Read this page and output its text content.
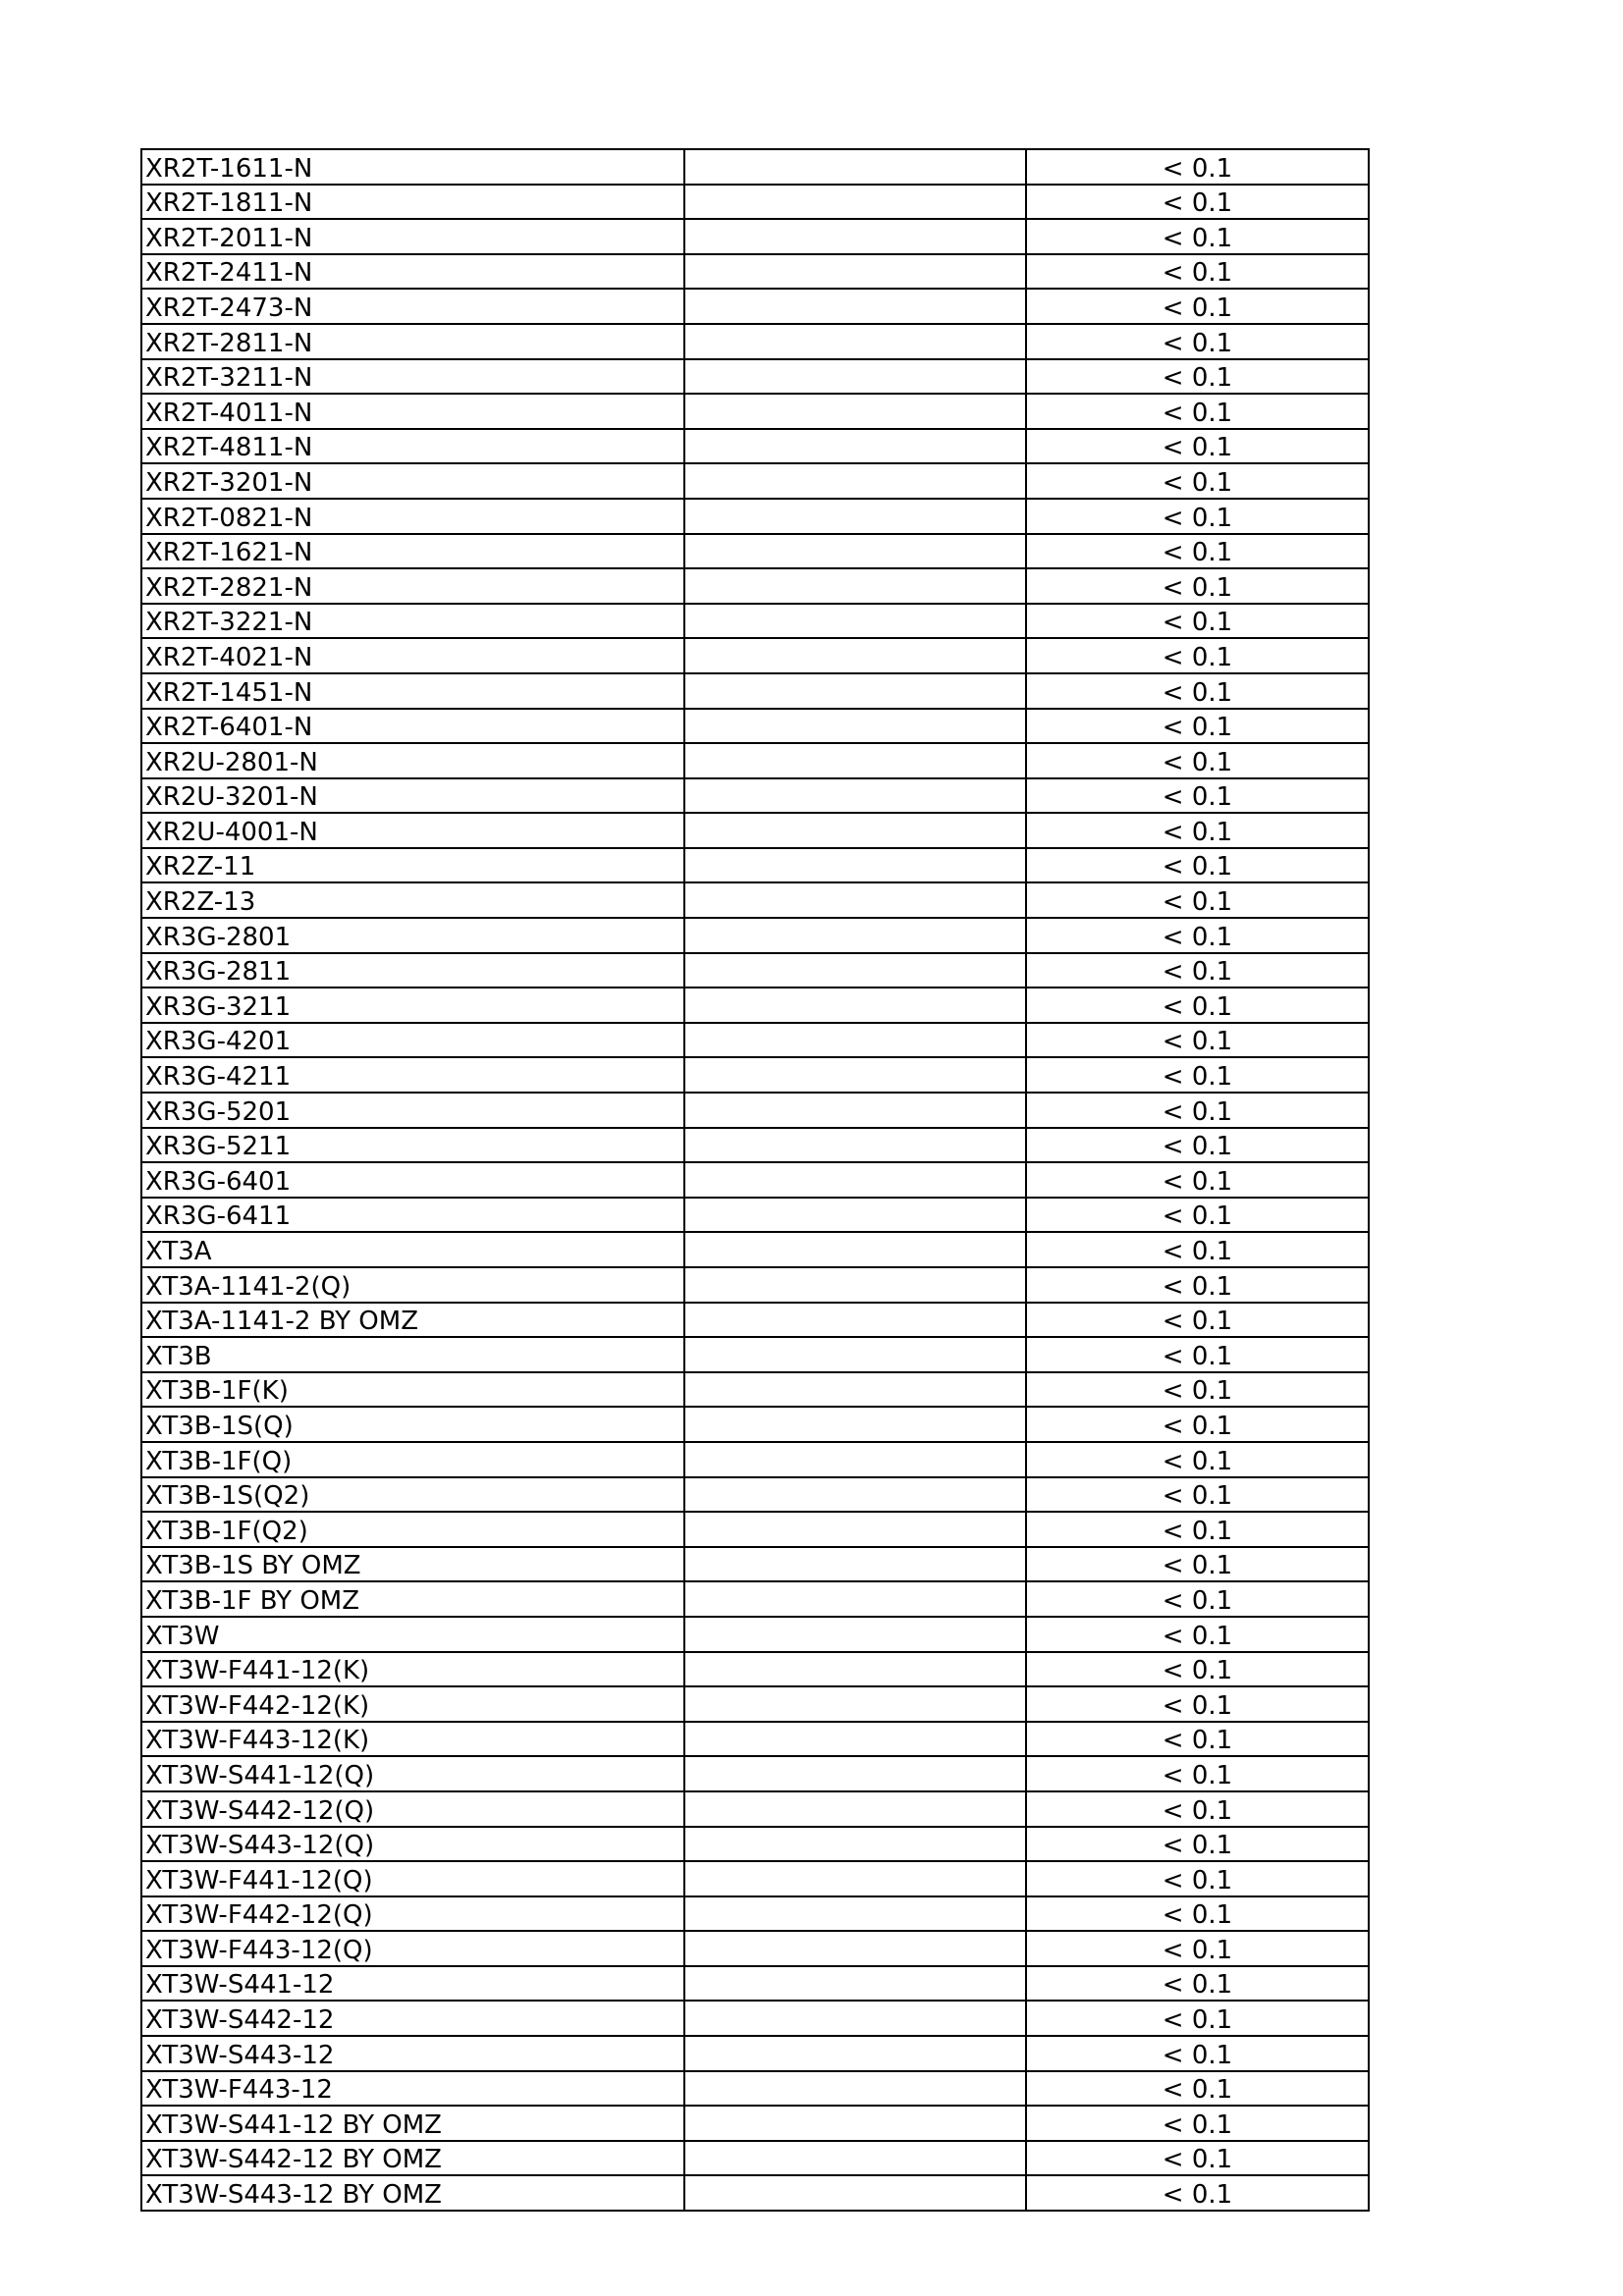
XR2T-1611-N		< 0.1
XR2T-1811-N		< 0.1
XR2T-2011-N		< 0.1
XR2T-2411-N		< 0.1
XR2T-2473-N		< 0.1
XR2T-2811-N		< 0.1
XR2T-3211-N		< 0.1
XR2T-4011-N		< 0.1
XR2T-4811-N		< 0.1
XR2T-3201-N		< 0.1
XR2T-0821-N		< 0.1
XR2T-1621-N		< 0.1
XR2T-2821-N		< 0.1
XR2T-3221-N		< 0.1
XR2T-4021-N		< 0.1
XR2T-1451-N		< 0.1
XR2T-6401-N		< 0.1
XR2U-2801-N		< 0.1
XR2U-3201-N		< 0.1
XR2U-4001-N		< 0.1
XR2Z-11		< 0.1
XR2Z-13		< 0.1
XR3G-2801		< 0.1
XR3G-2811		< 0.1
XR3G-3211		< 0.1
XR3G-4201		< 0.1
XR3G-4211		< 0.1
XR3G-5201		< 0.1
XR3G-5211		< 0.1
XR3G-6401		< 0.1
XR3G-6411		< 0.1
XT3A		< 0.1
XT3A-1141-2(Q)		< 0.1
XT3A-1141-2 BY OMZ		< 0.1
XT3B		< 0.1
XT3B-1F(K)		< 0.1
XT3B-1S(Q)		< 0.1
XT3B-1F(Q)		< 0.1
XT3B-1S(Q2)		< 0.1
XT3B-1F(Q2)		< 0.1
XT3B-1S BY OMZ		< 0.1
XT3B-1F BY OMZ		< 0.1
XT3W		< 0.1
XT3W-F441-12(K)		< 0.1
XT3W-F442-12(K)		< 0.1
XT3W-F443-12(K)		< 0.1
XT3W-S441-12(Q)		< 0.1
XT3W-S442-12(Q)		< 0.1
XT3W-S443-12(Q)		< 0.1
XT3W-F441-12(Q)		< 0.1
XT3W-F442-12(Q)		< 0.1
XT3W-F443-12(Q)		< 0.1
XT3W-S441-12		< 0.1
XT3W-S442-12		< 0.1
XT3W-S443-12		< 0.1
XT3W-F443-12		< 0.1
XT3W-S441-12 BY OMZ		< 0.1
XT3W-S442-12 BY OMZ		< 0.1
XT3W-S443-12 BY OMZ		< 0.1
